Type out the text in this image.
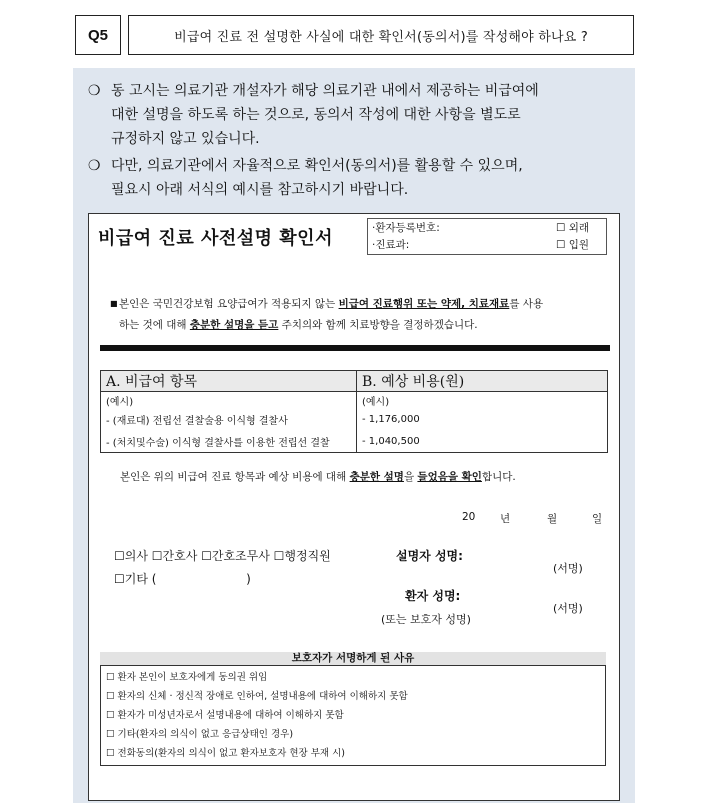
Q5	비급여 진료 전 설명한 사실에 대한 확인서(동의서)를 작성해야 하나요 ?
❍ 동 고시는 의료기관 개설자가 해당 의료기관 내에서 제공하는 비급여에
대한 설명을 하도록 하는 것으로, 동의서 작성에 대한 사항을 별도로
규정하지 않고 있습니다.
❍ 다만, 의료기관에서 자율적으로 확인서(동의서)를 활용할 수 있으며,
필요시 아래 서식의 예시를 참고하시기 바랍니다.
비급여 진료 사전설명 확인서	·환자등록번호:
·진료과:
☐ 외래
☐ 입원
■ 본인은 국민건강보험 요양급여가 적용되지 않는 비급여 진료행위 또는 약제, 치료재료를 사용
하는 것에 대해 충분한 설명을 듣고 주치의와 함께 치료방향을 결정하겠습니다.
A. 비급여 항목	B. 예상 비용(원)
(예시)	(예시)
- (재료대) 전립선 결찰술용 이식형 결찰사	- 1,176,000
- (처치및수술) 이식형 결찰사를 이용한 전립선 결찰	- 1,040,500
본인은 위의 비급여 진료 항목과 예상 비용에 대해 충분한 설명을 들었음을 확인합니다.
20 년	월	일
☐의사 ☐간호사 ☐간호조무사 ☐행정직원
☐기타 (	)
설명자 성명:
(서명)
환자 성명:
(또는 보호자 성명)
(서명)
보호자가 서명하게 된 사유
☐ 환자 본인이 보호자에게 동의권 위임
☐ 환자의 신체 · 정신적 장애로 인하여, 설명내용에 대하여 이해하지 못함
☐ 환자가 미성년자로서 설명내용에 대하여 이해하지 못함
☐ 기타(환자의 의식이 없고 응급상태인 경우)
☐ 전화동의(환자의 의식이 없고 환자보호자 현장 부재 시)
